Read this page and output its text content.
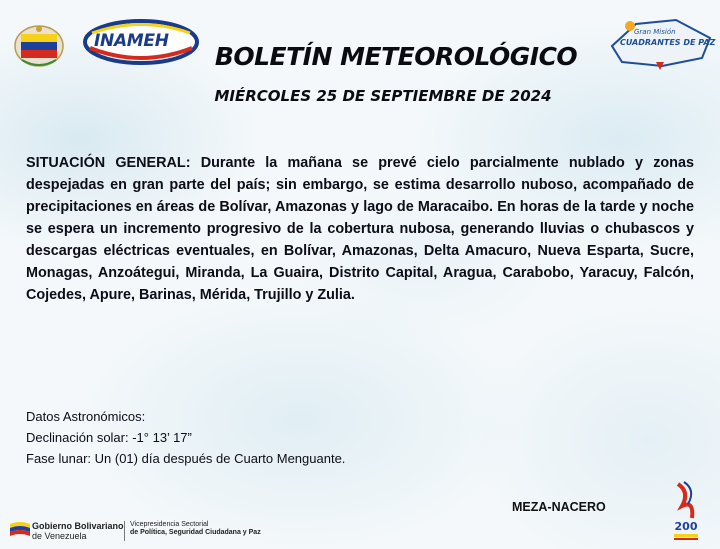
INAMEH	Gran Misión
CUADRANTES DE PAZ
BOLETÍN METEOROLÓGICO
MIÉRCOLES 25 DE SEPTIEMBRE DE 2024
SITUACIÓN GENERAL: Durante la mañana se prevé cielo parcialmente nublado y zonas despejadas en gran parte del país; sin embargo, se estima desarrollo nuboso, acompañado de precipitaciones en áreas de Bolívar, Amazonas y lago de Maracaibo. En horas de la tarde y noche se espera un incremento progresivo de la cobertura nubosa, generando lluvias o chubascos y descargas eléctricas eventuales, en Bolívar, Amazonas, Delta Amacuro, Nueva Esparta, Sucre, Monagas, Anzoátegui, Miranda, La Guaira, Distrito Capital, Aragua, Carabobo, Yaracuy, Falcón, Cojedes, Apure, Barinas, Mérida, Trujillo y Zulia.
Datos Astronómicos:
Declinación solar: -1° 13’ 17”
Fase lunar: Un (01) día después de Cuarto Menguante.
MEZA-NACERO
Gobierno Bolivariano
de Venezuela
Vicepresidencia Sectorial
de Política, Seguridad Ciudadana y Paz	200
